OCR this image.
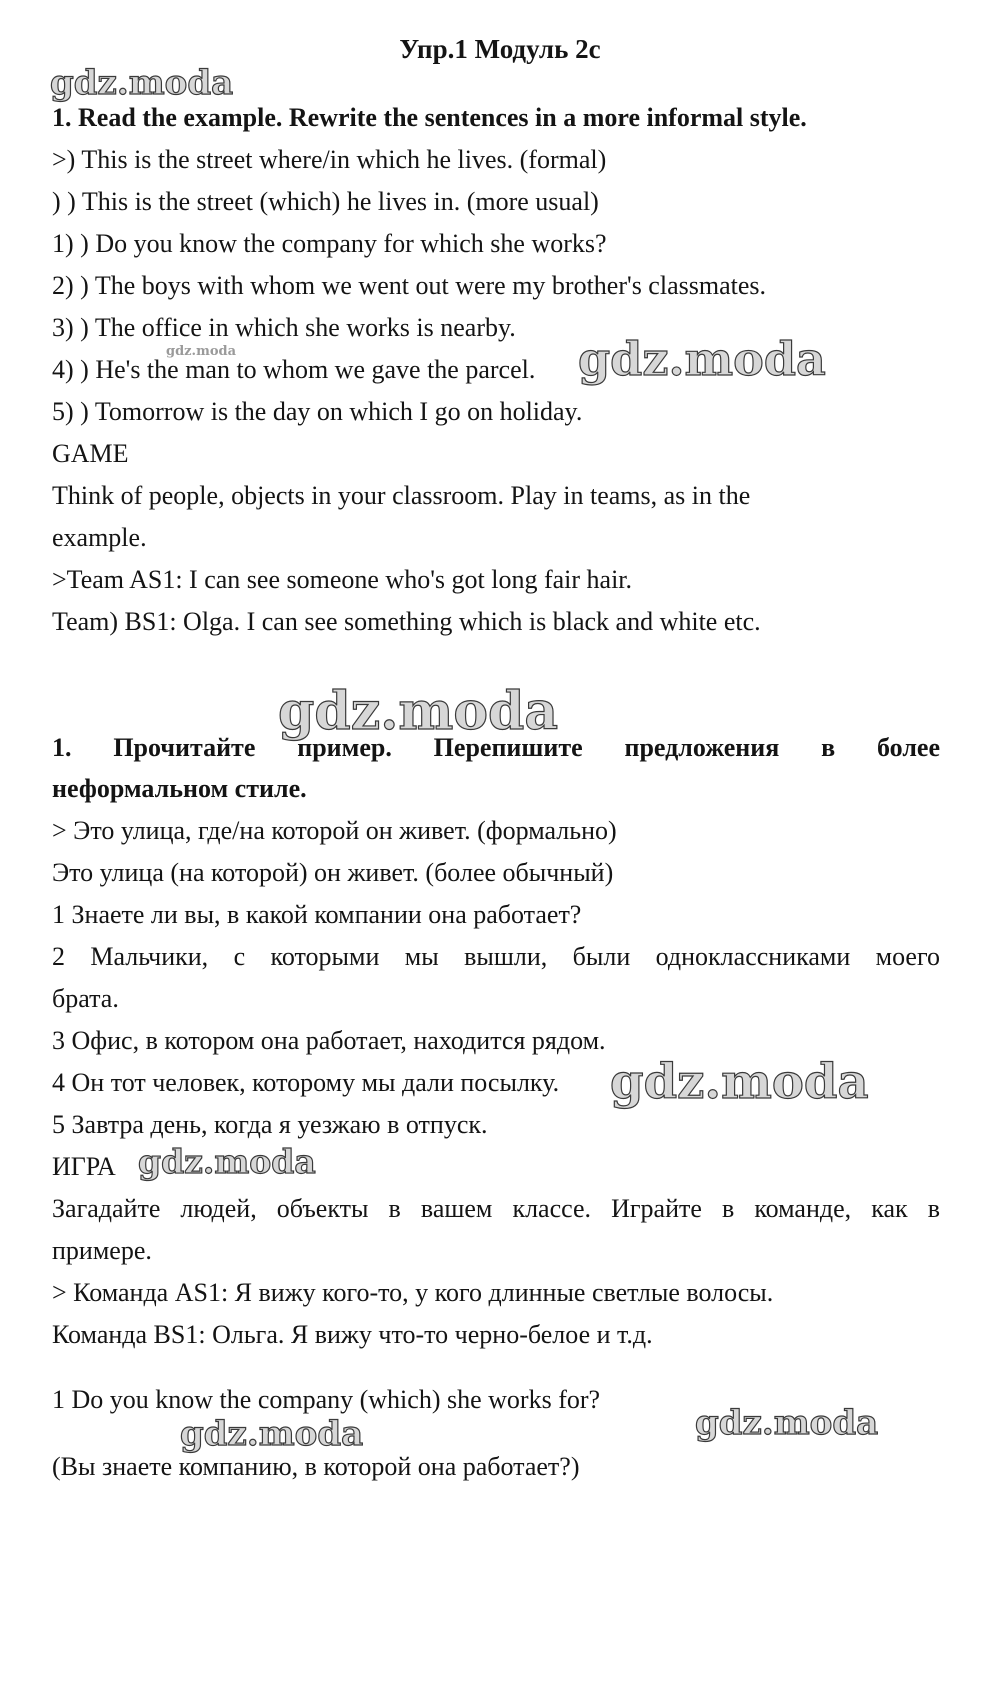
Упр.1 Модуль 2с
gdz.moda
gdz.moda	gdz.moda
gdz.moda
gdz.moda
gdz.moda
gdz.moda	gdz.moda
1. Read the example. Rewrite the sentences in a more informal style.
>) This is the street where/in which he lives. (formal)
) ) This is the street (which) he lives in. (more usual)
1) ) Do you know the company for which she works?
2) ) The boys with whom we went out were my brother's classmates.
3) ) The office in which she works is nearby.
4) ) He's the man to whom we gave the parcel.
5) ) Tomorrow is the day on which I go on holiday.
GAME
Think of people, objects in your classroom. Play in teams, as in the
example.
>Team AS1: I can see someone who's got long fair hair.
Team) BS1: Olga. I can see something which is black and white etc.
1. Прочитайте пример. Перепишите предложения в более
неформальном стиле.
> Это улица, где/на которой он живет. (формально)
Это улица (на которой) он живет. (более обычный)
1 Знаете ли вы, в какой компании она работает?
2 Мальчики, с которыми мы вышли, были одноклассниками моего
брата.
3 Офис, в котором она работает, находится рядом.
4 Он тот человек, которому мы дали посылку.
5 Завтра день, когда я уезжаю в отпуск.
ИГРА
Загадайте людей, объекты в вашем классе. Играйте в команде, как в
примере.
> Команда AS1: Я вижу кого-то, у кого длинные светлые волосы.
Команда BS1: Ольга. Я вижу что-то черно-белое и т.д.
1 Do you know the company (which) she works for?
(Вы знаете компанию, в которой она работает?)
